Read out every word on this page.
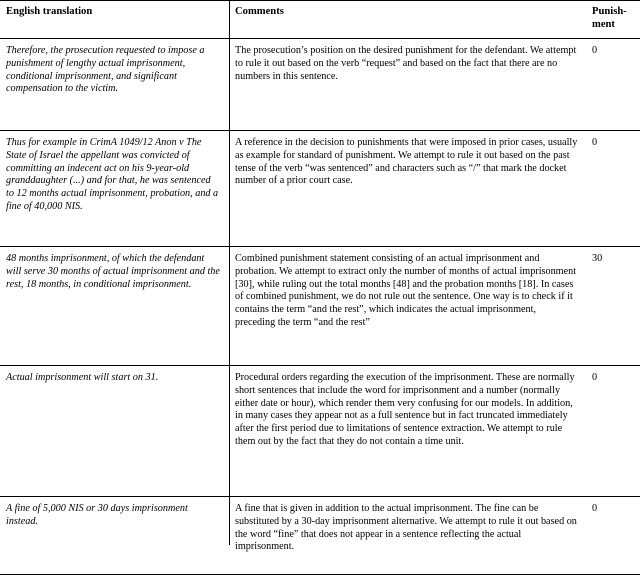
English translation	Comments	Punish-
ment
Therefore, the prosecution requested to impose a punishment of lengthy actual imprisonment, conditional imprisonment, and significant compensation to the victim.	The prosecution’s position on the desired punishment for the defendant. We attempt to rule it out based on the verb “request” and based on the fact that there are no numbers in this sentence.	0
Thus for example in CrimA 1049/12 Anon v The State of Israel the appellant was convicted of committing an indecent act on his 9-year-old granddaughter (...) and for that, he was sentenced to 12 months actual imprisonment, probation, and a fine of 40,000 NIS.	A reference in the decision to punishments that were imposed in prior cases, usually as example for standard of punishment. We attempt to rule it out based on the past tense of the verb “was sentenced” and characters such as “/” that mark the docket number of a prior court case.	0
48 months imprisonment, of which the defendant will serve 30 months of actual imprisonment and the rest, 18 months, in conditional imprisonment.	Combined punishment statement consisting of an actual imprisonment and probation. We attempt to extract only the number of months of actual imprisonment [30], while ruling out the total months [48] and the probation months [18]. In cases of combined punishment, we do not rule out the sentence. One way is to check if it contains the term “and the rest”, which indicates the actual imprisonment, preceding the term “and the rest”	30
Actual imprisonment will start on 31.	Procedural orders regarding the execution of the imprisonment. These are normally short sentences that include the word for imprisonment and a number (normally either date or hour), which render them very confusing for our models. In addition, in many cases they appear not as a full sentence but in fact truncated immediately after the first period due to limitations of sentence extraction. We attempt to rule them out by the fact that they do not contain a time unit.	0
A fine of 5,000 NIS or 30 days imprisonment instead.	A fine that is given in addition to the actual imprisonment. The fine can be substituted by a 30-day imprisonment alternative. We attempt to rule it out based on the word “fine” that does not appear in a sentence reflecting the actual imprisonment.	0
